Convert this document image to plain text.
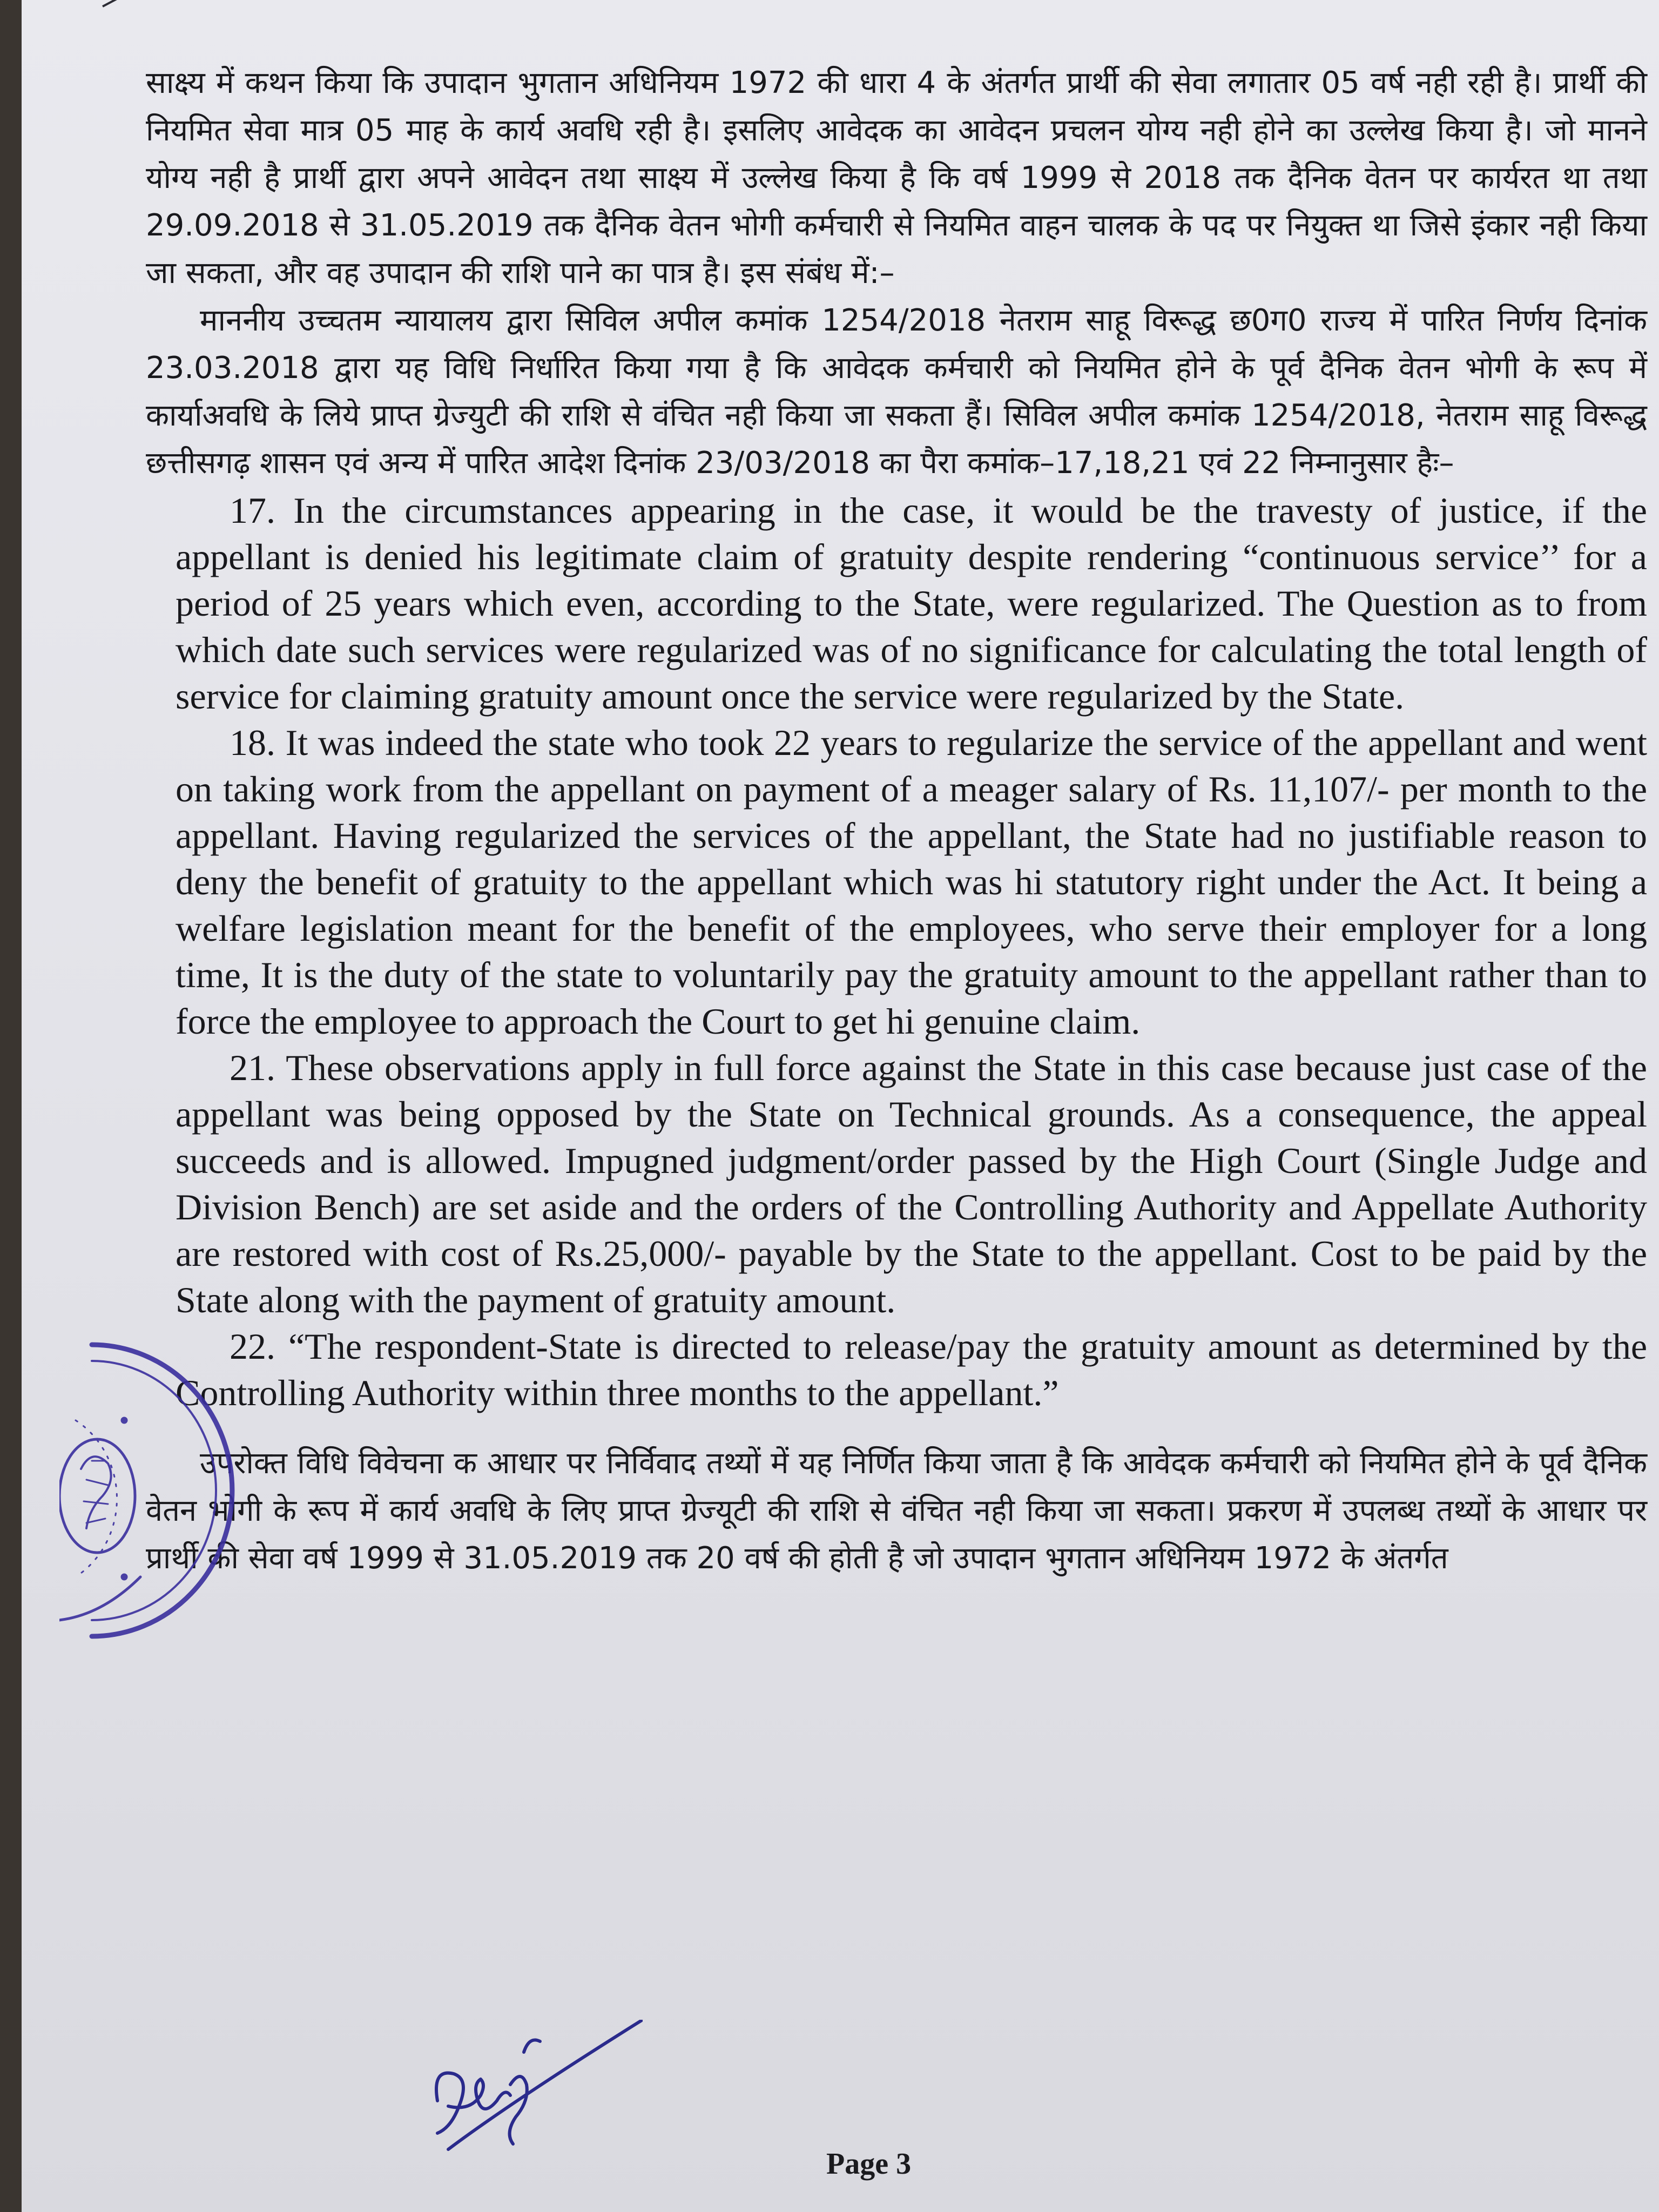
साक्ष्य में कथन किया कि उपादान भुगतान अधिनियम 1972 की धारा 4 के अंतर्गत प्रार्थी की सेवा लगातार 05 वर्ष नही रही है। प्रार्थी की नियमित सेवा मात्र 05 माह के कार्य अवधि रही है। इसलिए आवेदक का आवेदन प्रचलन योग्य नही होने का उल्लेख किया है। जो मानने योग्य नही है प्रार्थी द्वारा अपने आवेदन तथा साक्ष्य में उल्लेख किया है कि वर्ष 1999 से 2018 तक दैनिक वेतन पर कार्यरत था तथा 29.09.2018 से 31.05.2019 तक दैनिक वेतन भोगी कर्मचारी से नियमित वाहन चालक के पद पर नियुक्त था जिसे इंकार नही किया जा सकता, और वह उपादान की राशि पाने का पात्र है। इस संबंध में:–

माननीय उच्चतम न्यायालय द्वारा सिविल अपील कमांक 1254/2018 नेतराम साहू विरूद्ध छ0ग0 राज्य में पारित निर्णय दिनांक 23.03.2018 द्वारा यह विधि निर्धारित किया गया है कि आवेदक कर्मचारी को नियमित होने के पूर्व दैनिक वेतन भोगी के रूप में कार्याअवधि के लिये प्राप्त ग्रेज्युटी की राशि से वंचित नही किया जा सकता हैं। सिविल अपील कमांक 1254/2018, नेतराम साहू विरूद्ध छत्तीसगढ़ शासन एवं अन्य में पारित आदेश दिनांक 23/03/2018 का पैरा कमांक–17,18,21 एवं 22 निम्नानुसार हैः–

17. In the circumstances appearing in the case, it would be the travesty of justice, if the appellant is denied his legitimate claim of gratuity despite rendering “continuous service’’ for a period of 25 years which even, according to the State, were regularized. The Question as to from which date such services were regularized was of no significance for calculating the total length of service for claiming gratuity amount once the service were regularized by the State.

18. It was indeed the state who took 22 years to regularize the service of the appellant and went on taking work from the appellant on payment of a meager salary of Rs. 11,107/- per month to the appellant. Having regularized the services of the appellant, the State had no justifiable reason to deny the benefit of gratuity to the appellant which was hi statutory right under the Act. It being a welfare legislation meant for the benefit of the employees, who serve their employer for a long time, It is the duty of the state to voluntarily pay the gratuity amount to the appellant rather than to force the employee to approach the Court to get hi genuine claim.

21. These observations apply in full force against the State in this case because just case of the appellant was being opposed by the State on Technical grounds. As a consequence, the appeal succeeds and is allowed. Impugned judgment/order passed by the High Court (Single Judge and Division Bench) are set aside and the orders of the Controlling Authority and Appellate Authority are restored with cost of Rs.25,000/- payable by the State to the appellant. Cost to be paid by the State along with the payment of gratuity amount.

22. “The respondent-State is directed to release/pay the gratuity amount as determined by the Controlling Authority within three months to the appellant.”

उपरोक्त विधि विवेचना क आधार पर निर्विवाद तथ्यों में यह निर्णित किया जाता है कि आवेदक कर्मचारी को नियमित होने के पूर्व दैनिक वेतन भोगी के रूप में कार्य अवधि के लिए प्राप्त ग्रेज्यूटी की राशि से वंचित नही किया जा सकता। प्रकरण में उपलब्ध तथ्यों के आधार पर प्रार्थी की सेवा वर्ष 1999 से 31.05.2019 तक 20 वर्ष की होती है जो उपादान भुगतान अधिनियम 1972 के अंतर्गत

Page 3
